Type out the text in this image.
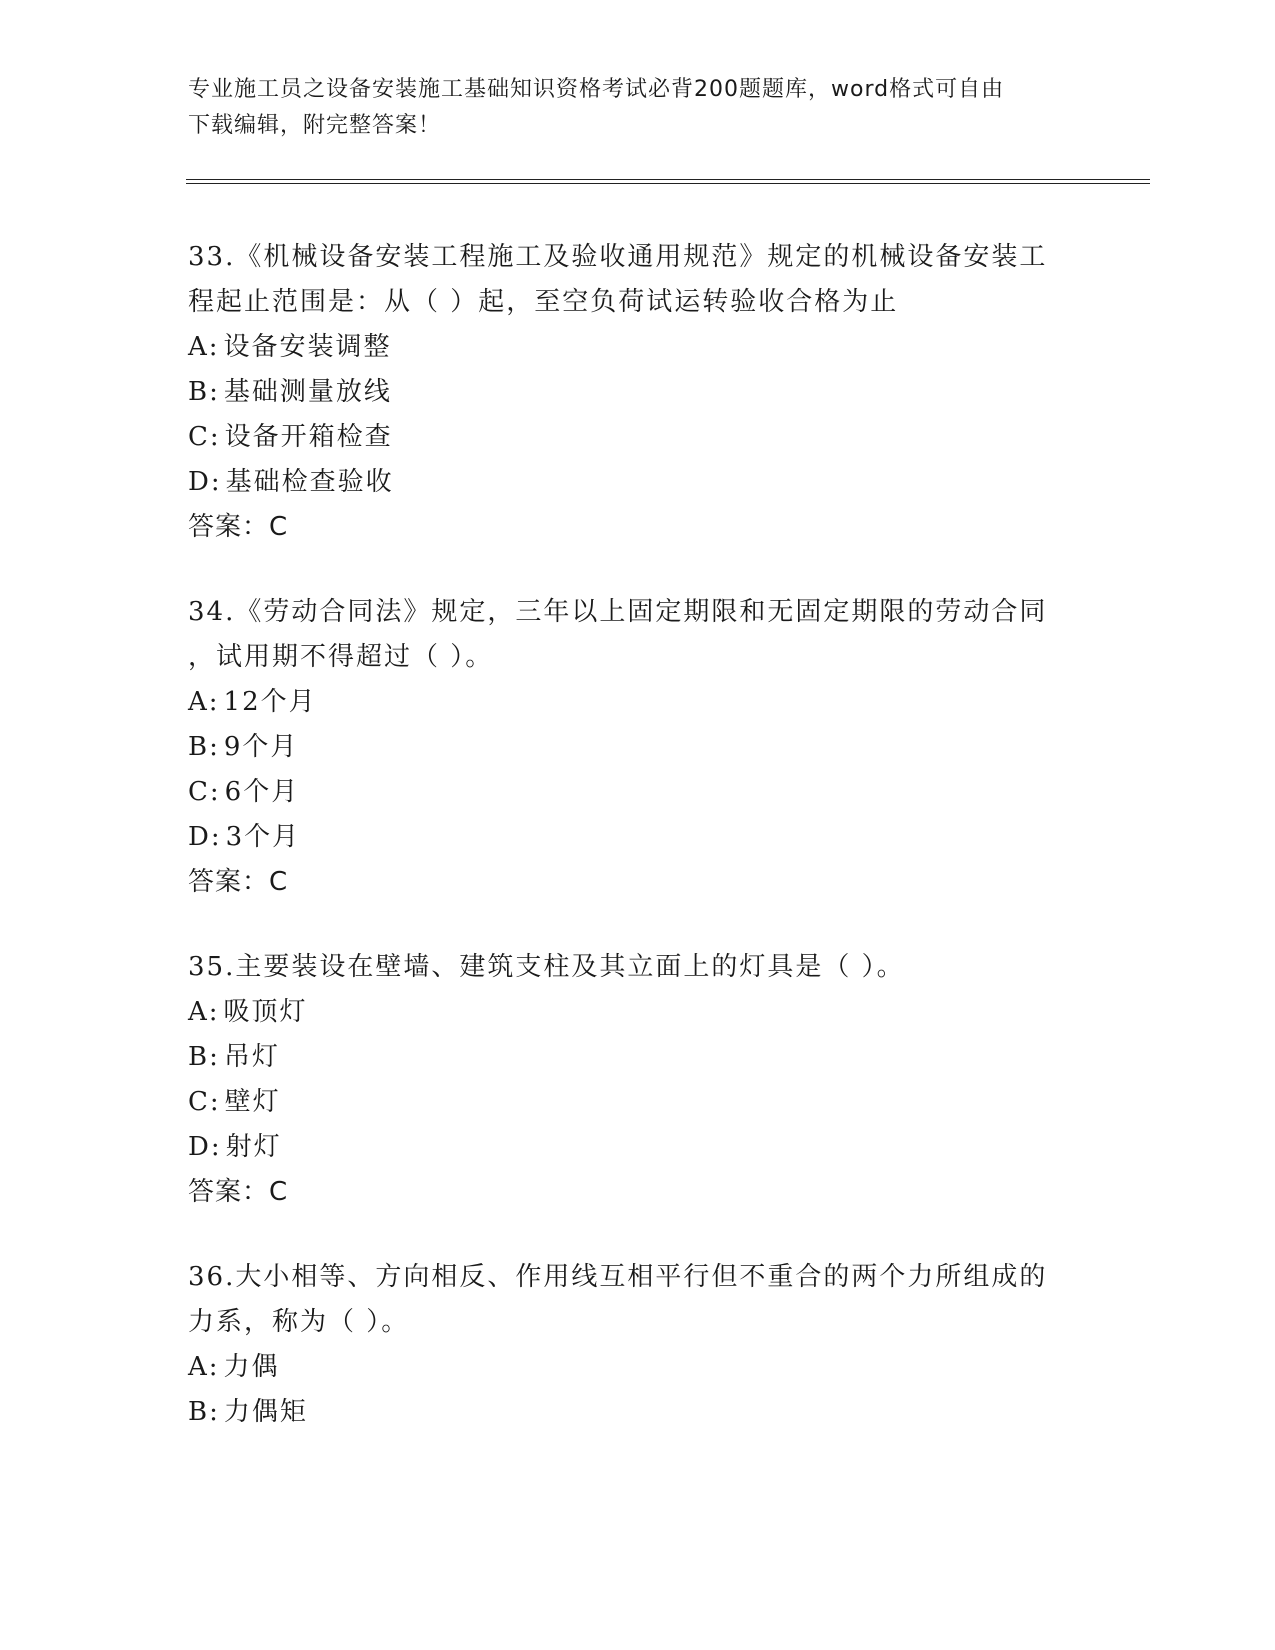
专业施工员之设备安装施工基础知识资格考试必背200题题库，word格式可自由
下载编辑，附完整答案！
33.《机械设备安装工程施工及验收通用规范》规定的机械设备安装工
程起止范围是：从（ ）起，至空负荷试运转验收合格为止
A: 设备安装调整
B: 基础测量放线
C: 设备开箱检查
D: 基础检查验收
答案：C
34.《劳动合同法》规定，三年以上固定期限和无固定期限的劳动合同
，试用期不得超过（ ）。
A: 12个月
B: 9个月
C: 6个月
D: 3个月
答案：C
35.主要装设在壁墙、建筑支柱及其立面上的灯具是（ ）。
A: 吸顶灯
B: 吊灯
C: 壁灯
D: 射灯
答案：C
36.大小相等、方向相反、作用线互相平行但不重合的两个力所组成的
力系，称为（ ）。
A: 力偶
B: 力偶矩
